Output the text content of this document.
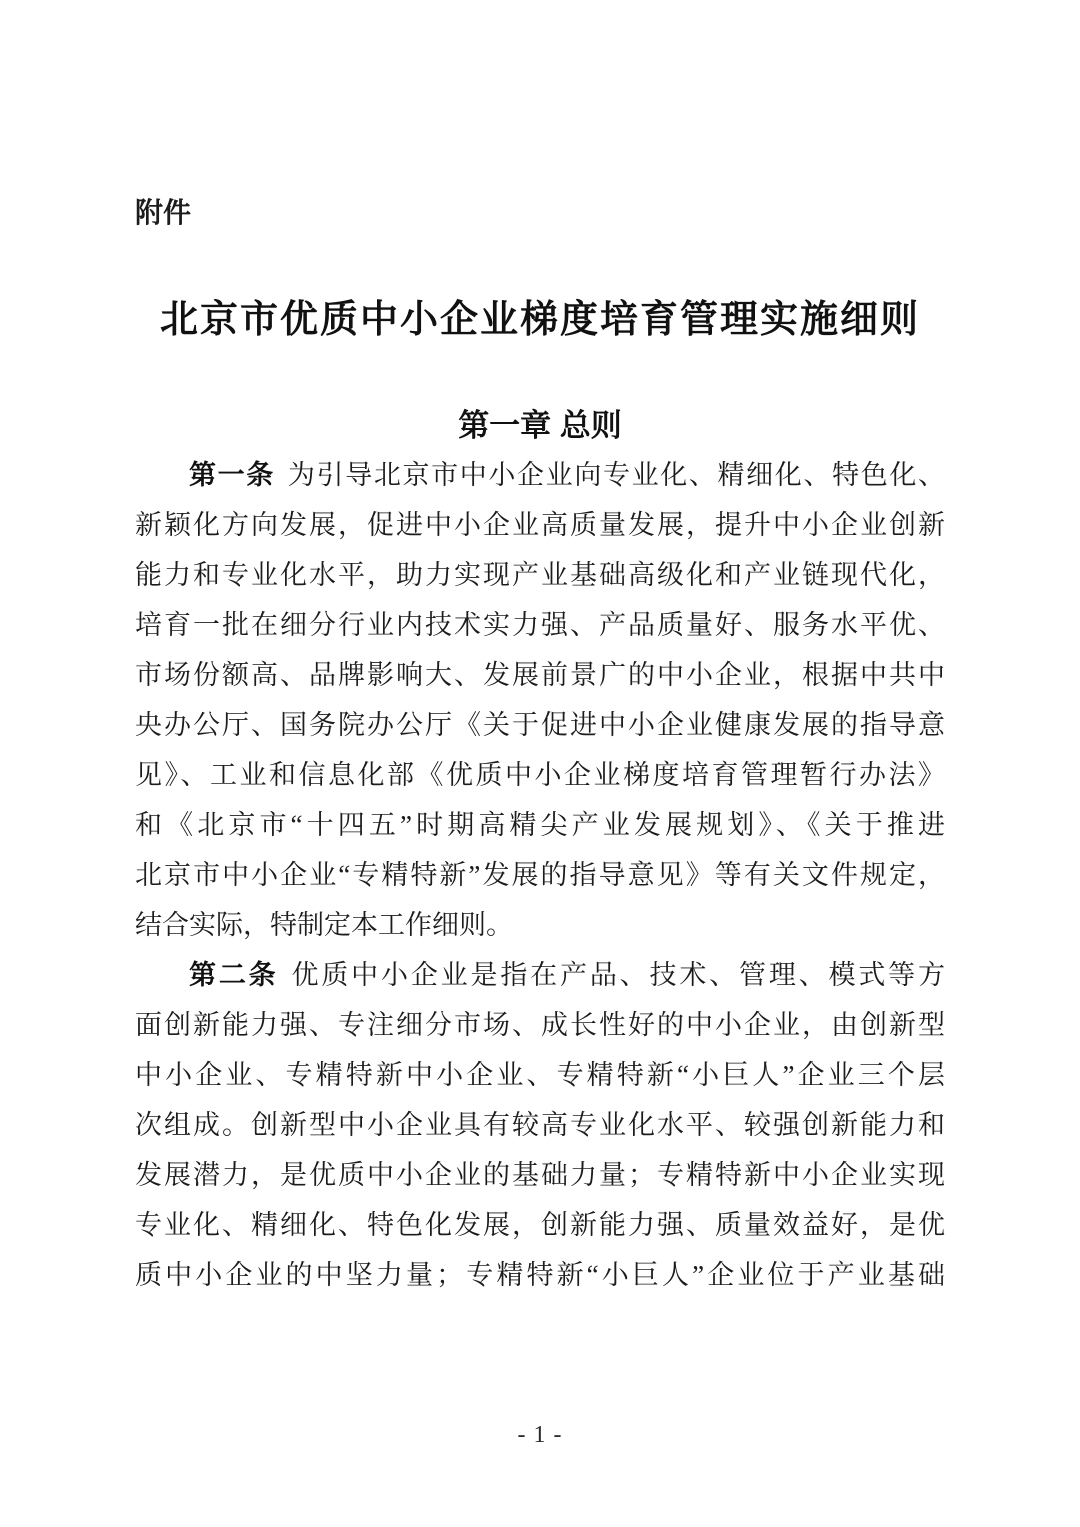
附件
北京市优质中小企业梯度培育管理实施细则
第一章 总则

第一条 为引导北京市中小企业向专业化、精细化、特色化、

新颖化方向发展，促进中小企业高质量发展，提升中小企业创新

能力和专业化水平，助力实现产业基础高级化和产业链现代化，

培育一批在细分行业内技术实力强、产品质量好、服务水平优、

市场份额高、品牌影响大、发展前景广的中小企业，根据中共中

央办公厅、国务院办公厅《关于促进中小企业健康发展的指导意

见》、工业和信息化部《优质中小企业梯度培育管理暂行办法》

和《北京市“十四五”时期高精尖产业发展规划》、《关于推进

北京市中小企业“专精特新”发展的指导意见》等有关文件规定，

结合实际，特制定本工作细则。

第二条 优质中小企业是指在产品、技术、管理、模式等方

面创新能力强、专注细分市场、成长性好的中小企业，由创新型

中小企业、专精特新中小企业、专精特新“小巨人”企业三个层

次组成。创新型中小企业具有较高专业化水平、较强创新能力和

发展潜力，是优质中小企业的基础力量；专精特新中小企业实现

专业化、精细化、特色化发展，创新能力强、质量效益好，是优

质中小企业的中坚力量；专精特新“小巨人”企业位于产业基础

- 1 -
